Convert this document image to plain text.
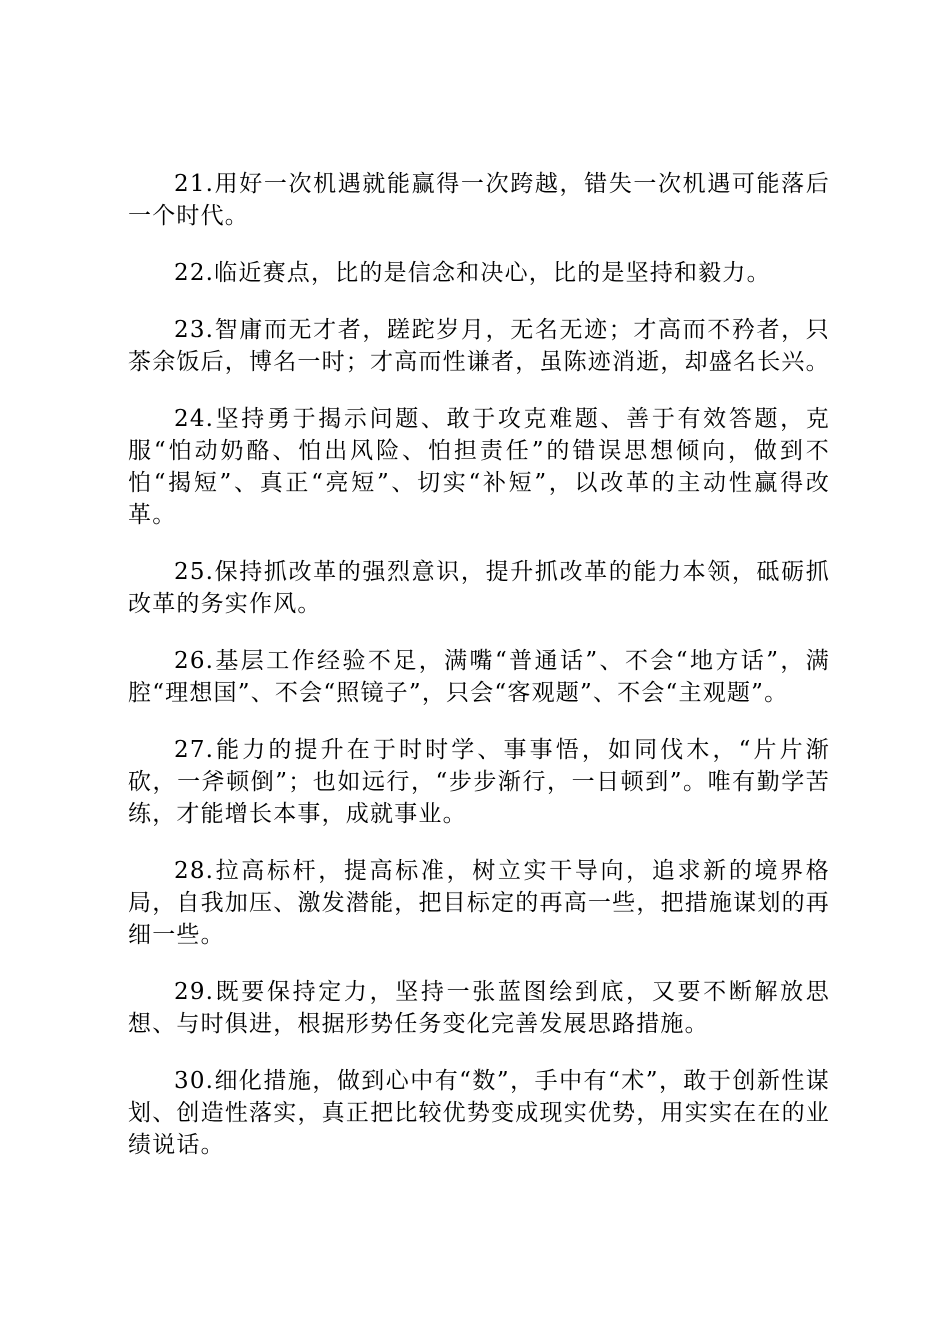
21.用好一次机遇就能赢得一次跨越，错失一次机遇可能落后一个时代。

22.临近赛点，比的是信念和决心，比的是坚持和毅力。

23.智庸而无才者，蹉跎岁月，无名无迹；才高而不矜者，只茶余饭后，博名一时；才高而性谦者，虽陈迹消逝，却盛名长兴。

24.坚持勇于揭示问题、敢于攻克难题、善于有效答题，克服“怕动奶酪、怕出风险、怕担责任”的错误思想倾向，做到不怕“揭短”、真正“亮短”、切实“补短”，以改革的主动性赢得改革。

25.保持抓改革的强烈意识，提升抓改革的能力本领，砥砺抓改革的务实作风。

26.基层工作经验不足，满嘴“普通话”、不会“地方话”，满腔“理想国”、不会“照镜子”，只会“客观题”、不会“主观题”。

27.能力的提升在于时时学、事事悟，如同伐木，“片片渐砍，一斧顿倒”；也如远行，“步步渐行，一日顿到”。唯有勤学苦练，才能增长本事，成就事业。

28.拉高标杆，提高标准，树立实干导向，追求新的境界格局，自我加压、激发潜能，把目标定的再高一些，把措施谋划的再细一些。

29.既要保持定力，坚持一张蓝图绘到底，又要不断解放思想、与时俱进，根据形势任务变化完善发展思路措施。

30.细化措施，做到心中有“数”，手中有“术”，敢于创新性谋划、创造性落实，真正把比较优势变成现实优势，用实实在在的业绩说话。
